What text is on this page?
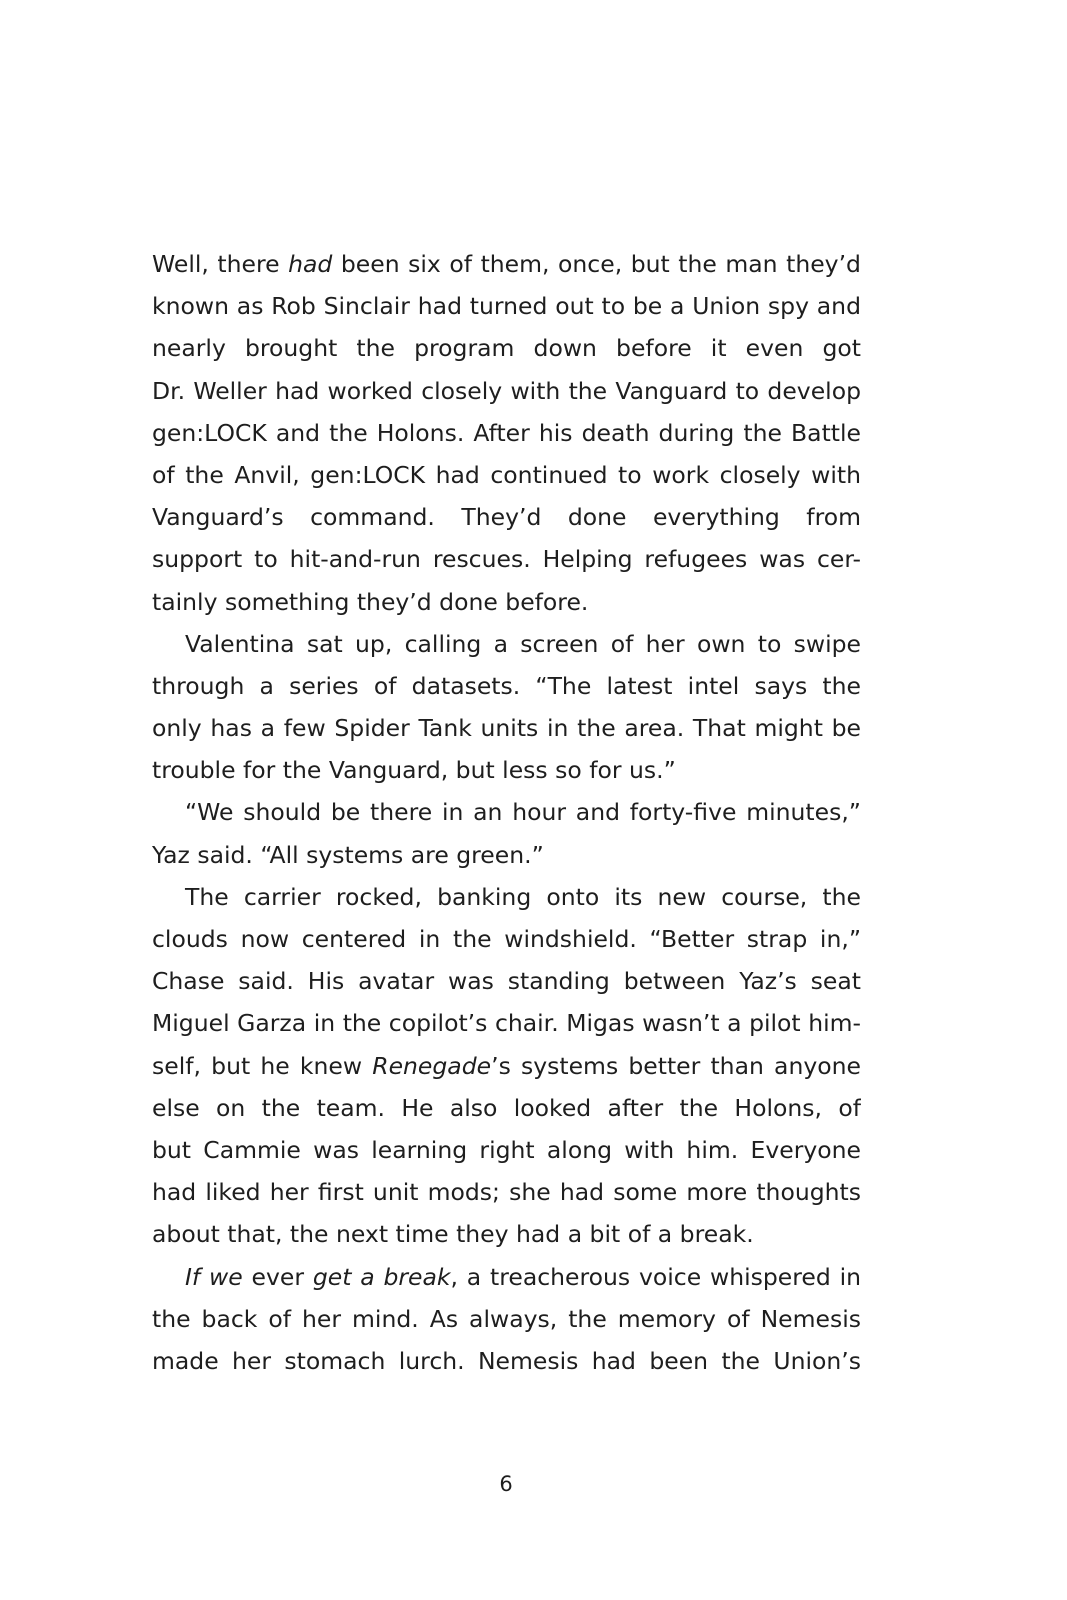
Well, there had been six of them, once, but the man they’d
known as Rob Sinclair had turned out to be a Union spy and
nearly brought the program down before it even got
Dr. Weller had worked closely with the Vanguard to develop
gen:LOCK and the Holons. After his death during the Battle
of the Anvil, gen:LOCK had continued to work closely with
Vanguard’s command. They’d done everything from
support to hit-and-run rescues. Helping refugees was cer-
tainly something they’d done before.
Valentina sat up, calling a screen of her own to swipe
through a series of datasets. “The latest intel says the
only has a few Spider Tank units in the area. That might be
trouble for the Vanguard, but less so for us.”
“We should be there in an hour and forty-five minutes,”
Yaz said. “All systems are green.”
The carrier rocked, banking onto its new course, the
clouds now centered in the windshield. “Better strap in,”
Chase said. His avatar was standing between Yaz’s seat
Miguel Garza in the copilot’s chair. Migas wasn’t a pilot him-
self, but he knew Renegade’s systems better than anyone
else on the team. He also looked after the Holons, of
but Cammie was learning right along with him. Everyone
had liked her first unit mods; she had some more thoughts
about that, the next time they had a bit of a break.
If we ever get a break, a treacherous voice whispered in
the back of her mind. As always, the memory of Nemesis
made her stomach lurch. Nemesis had been the Union’s
6
